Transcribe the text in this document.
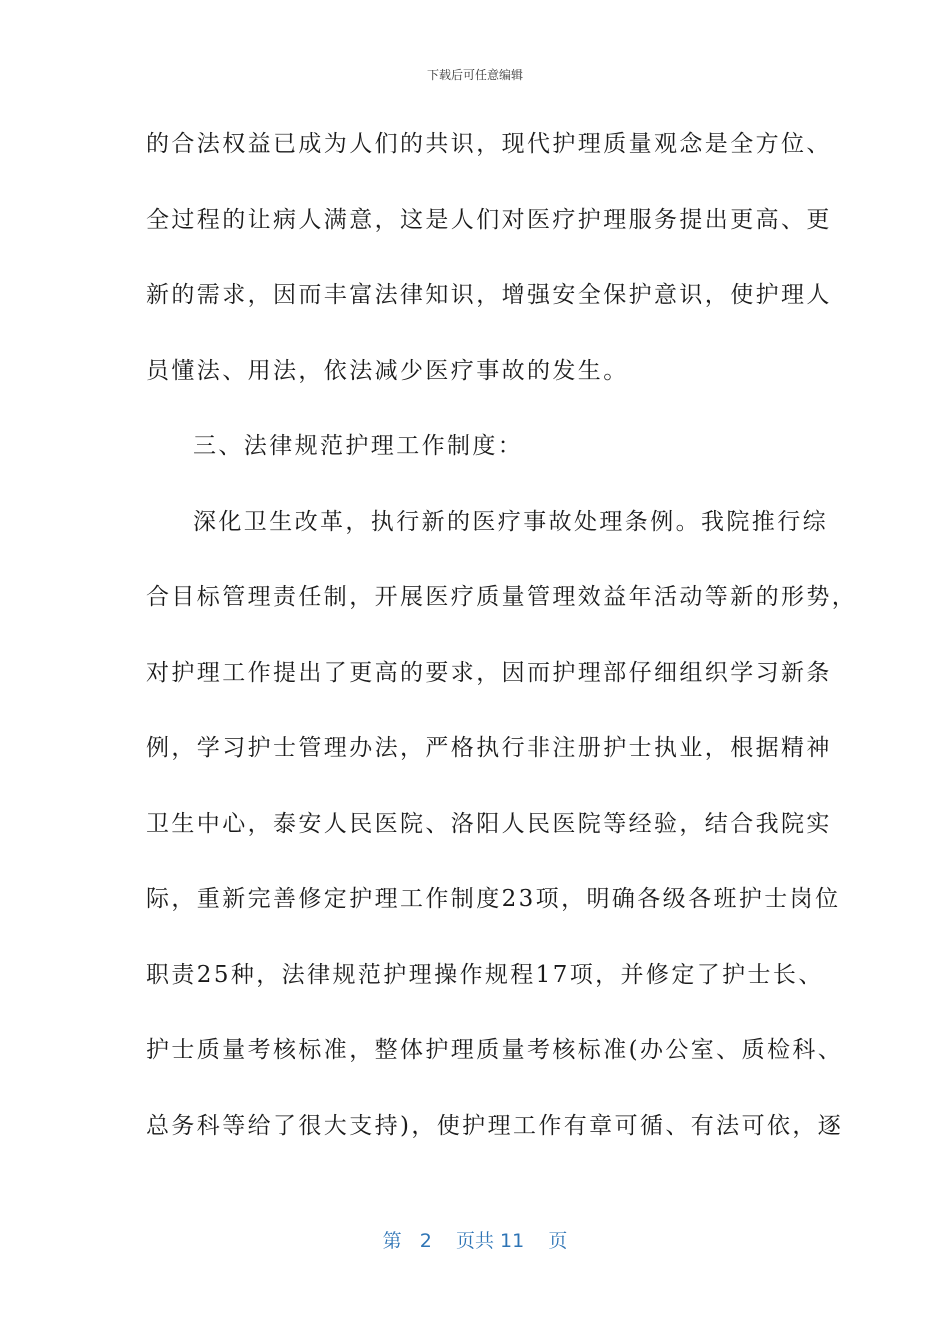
下载后可任意编辑
的合法权益已成为人们的共识，现代护理质量观念是全方位、
全过程的让病人满意，这是人们对医疗护理服务提出更高、更
新的需求，因而丰富法律知识，增强安全保护意识，使护理人
员懂法、用法，依法减少医疗事故的发生。
三、法律规范护理工作制度：
深化卫生改革，执行新的医疗事故处理条例。我院推行综
合目标管理责任制，开展医疗质量管理效益年活动等新的形势，
对护理工作提出了更高的要求，因而护理部仔细组织学习新条
例，学习护士管理办法，严格执行非注册护士执业，根据精神
卫生中心，泰安人民医院、洛阳人民医院等经验，结合我院实
际，重新完善修定护理工作制度23项，明确各级各班护士岗位
职责25种，法律规范护理操作规程17项，并修定了护士长、
护士质量考核标准，整体护理质量考核标准(办公室、质检科、
总务科等给了很大支持)，使护理工作有章可循、有法可依，逐
第 2 页共 11 页
